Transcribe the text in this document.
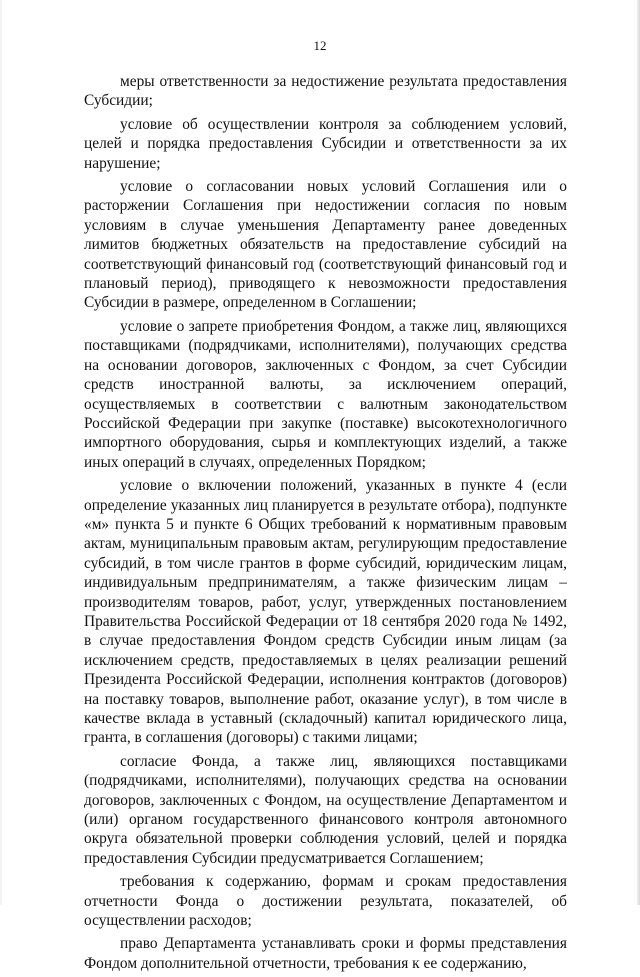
12

меры ответственности за недостижение результата предоставления Субсидии;

условие об осуществлении контроля за соблюдением условий, целей и порядка предоставления Субсидии и ответственности за их нарушение;

условие о согласовании новых условий Соглашения или о расторжении Соглашения при недостижении согласия по новым условиям в случае уменьшения Департаменту ранее доведенных лимитов бюджетных обязательств на предоставление субсидий на соответствующий финансовый год (соответствующий финансовый год и плановый период), приводящего к невозможности предоставления Субсидии в размере, определенном в Соглашении;

условие о запрете приобретения Фондом, а также лиц, являющихся поставщиками (подрядчиками, исполнителями), получающих средства на основании договоров, заключенных с Фондом, за счет Субсидии средств иностранной валюты, за исключением операций, осуществляемых в соответствии с валютным законодательством Российской Федерации при закупке (поставке) высокотехнологичного импортного оборудования, сырья и комплектующих изделий, а также иных операций в случаях, определенных Порядком;

условие о включении положений, указанных в пункте 4 (если определение указанных лиц планируется в результате отбора), подпункте «м» пункта 5 и пункте 6 Общих требований к нормативным правовым актам, муниципальным правовым актам, регулирующим предоставление субсидий, в том числе грантов в форме субсидий, юридическим лицам, индивидуальным предпринимателям, а также физическим лицам – производителям товаров, работ, услуг, утвержденных постановлением Правительства Российской Федерации от 18 сентября 2020 года № 1492, в случае предоставления Фондом средств Субсидии иным лицам (за исключением средств, предоставляемых в целях реализации решений Президента Российской Федерации, исполнения контрактов (договоров) на поставку товаров, выполнение работ, оказание услуг), в том числе в качестве вклада в уставный (складочный) капитал юридического лица, гранта, в соглашения (договоры) с такими лицами;

согласие Фонда, а также лиц, являющихся поставщиками (подрядчиками, исполнителями), получающих средства на основании договоров, заключенных с Фондом, на осуществление Департаментом и (или) органом государственного финансового контроля автономного округа обязательной проверки соблюдения условий, целей и порядка предоставления Субсидии предусматривается Соглашением;

требования к содержанию, формам и срокам предоставления отчетности Фонда о достижении результата, показателей, об осуществлении расходов;

право Департамента устанавливать сроки и формы представления Фондом дополнительной отчетности, требования к ее содержанию,
